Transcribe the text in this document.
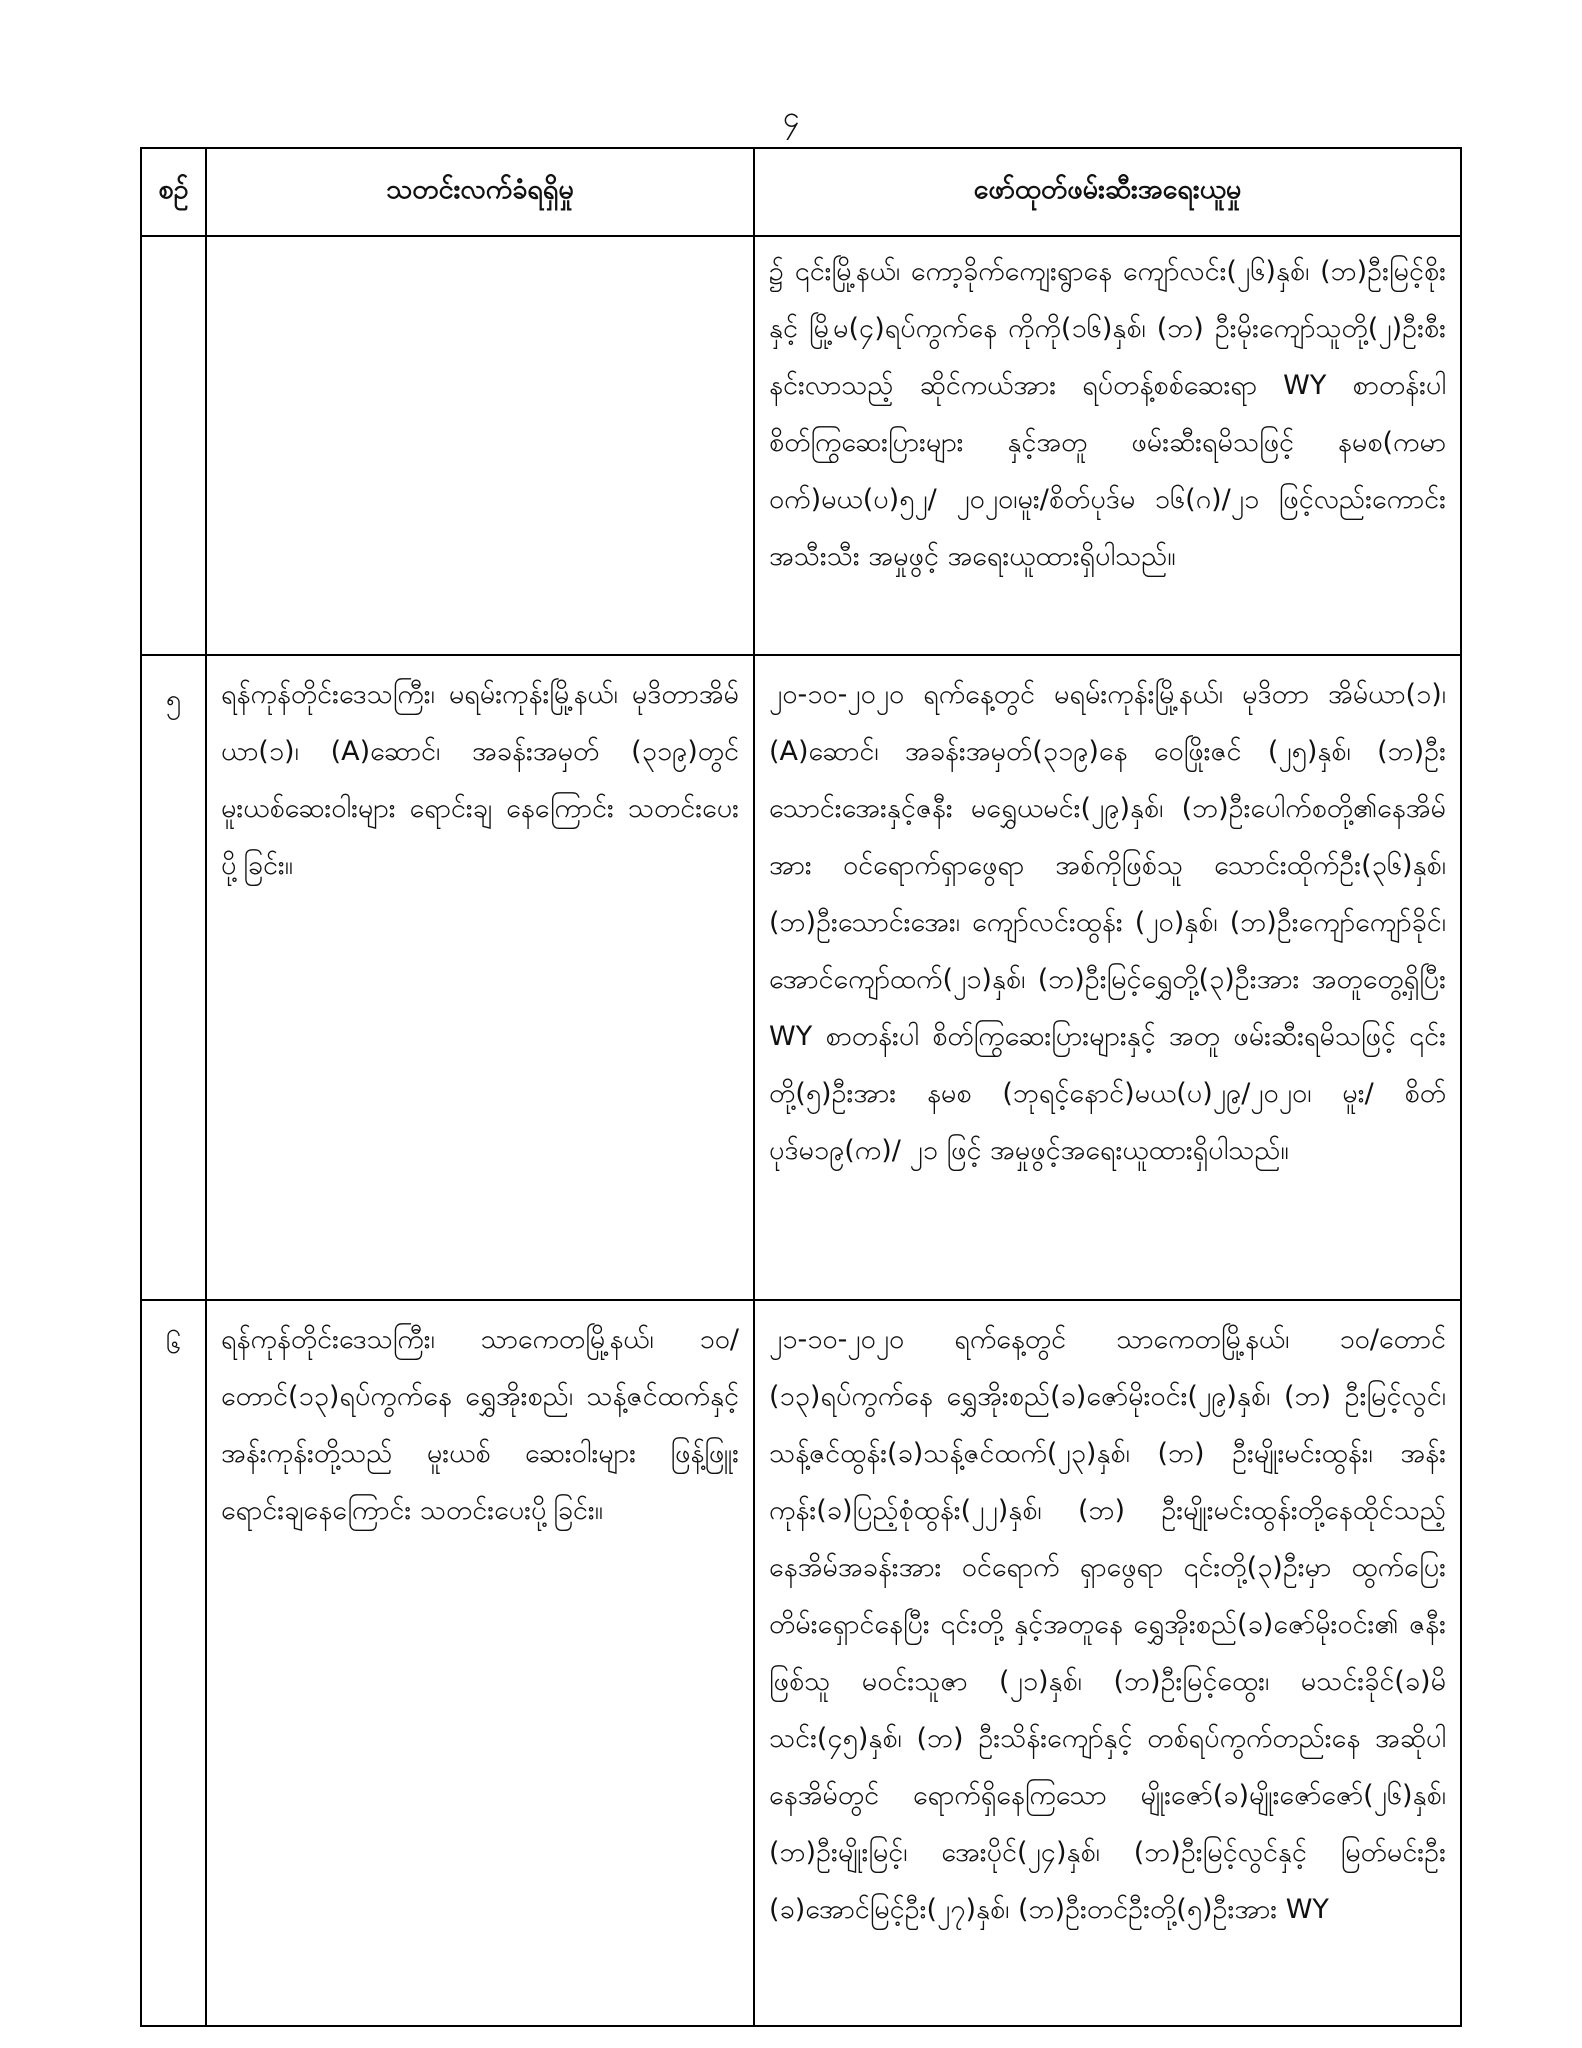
၄
စဉ်	သတင်းလက်ခံရရှိမှု	ဖော်ထုတ်ဖမ်းဆီးအရေးယူမှု
		၌ ၎င်းမြို့နယ်၊ ကော့ခိုက်ကျေးရွာနေ ကျော်လင်း(၂၆)နှစ်၊ (ဘ)ဦးမြင့်စိုးနှင့် မြို့မ(၄)ရပ်ကွက်နေ ကိုကို(၁၆)နှစ်၊ (ဘ) ဦးမိုးကျော်သူတို့(၂)ဦးစီးနင်းလာသည့် ဆိုင်ကယ်အား ရပ်တန့်စစ်ဆေးရာ WY စာတန်းပါ စိတ်ကြွဆေးပြားများ နှင့်အတူ ဖမ်းဆီးရမိသဖြင့် နမစ(ကမာဝက်)မယ(ပ)၅၂/ ၂၀၂၀၊မူး/စိတ်ပုဒ်မ ၁၆(ဂ)/၂၁ ဖြင့်လည်းကောင်း အသီးသီး အမှုဖွင့် အရေးယူထားရှိပါသည်။
၅	ရန်ကုန်တိုင်းဒေသကြီး၊ မရမ်းကုန်းမြို့နယ်၊ မုဒိတာအိမ်ယာ(၁)၊ (A)ဆောင်၊ အခန်းအမှတ် (၃၁၉)တွင် မူးယစ်ဆေးဝါးများ ရောင်းချ နေကြောင်း သတင်းပေးပို့ခြင်း။	၂၀-၁၀-၂၀၂၀ ရက်နေ့တွင် မရမ်းကုန်းမြို့နယ်၊ မုဒိတာ အိမ်ယာ(၁)၊ (A)ဆောင်၊ အခန်းအမှတ်(၃၁၉)နေ ဝေဖြိုးဇင် (၂၅)နှစ်၊ (ဘ)ဦးသောင်းအေးနှင့်ဇနီး မရွှေယမင်း(၂၉)နှစ်၊ (ဘ)ဦးပေါက်စတို့၏နေအိမ်အား ဝင်ရောက်ရှာဖွေရာ အစ်ကိုဖြစ်သူ သောင်းထိုက်ဦး(၃၆)နှစ်၊ (ဘ)ဦးသောင်းအေး၊ ကျော်လင်းထွန်း (၂၀)နှစ်၊ (ဘ)ဦးကျော်ကျော်ခိုင်၊ အောင်ကျော်ထက်(၂၁)နှစ်၊ (ဘ)ဦးမြင့်ရွှေတို့(၃)ဦးအား အတူတွေ့ရှိပြီး WY စာတန်းပါ စိတ်ကြွဆေးပြားများနှင့် အတူ ဖမ်းဆီးရမိသဖြင့် ၎င်းတို့(၅)ဦးအား နမစ (ဘုရင့်နောင်)မယ(ပ)၂၉/၂၀၂၀၊ မူး/ စိတ်ပုဒ်မ၁၉(က)/ ၂၁ ဖြင့် အမှုဖွင့်အရေးယူထားရှိပါသည်။
၆	ရန်ကုန်တိုင်းဒေသကြီး၊ သာကေတမြို့နယ်၊ ၁၀/တောင်(၁၃)ရပ်ကွက်နေ ရွှေအိုးစည်၊ သန့်ဇင်ထက်နှင့် အန်းကုန်းတို့သည် မူးယစ် ဆေးဝါးများ ဖြန့်ဖြူးရောင်းချနေကြောင်း သတင်းပေးပို့ခြင်း။	၂၁-၁၀-၂၀၂၀ ရက်နေ့တွင် သာကေတမြို့နယ်၊ ၁၀/တောင် (၁၃)ရပ်ကွက်နေ ရွှေအိုးစည်(ခ)ဇော်မိုးဝင်း(၂၉)နှစ်၊ (ဘ) ဦးမြင့်လွင်၊ သန့်ဇင်ထွန်း(ခ)သန့်ဇင်ထက်(၂၃)နှစ်၊ (ဘ) ဦးမျိုးမင်းထွန်း၊ အန်းကုန်း(ခ)ပြည့်စုံထွန်း(၂၂)နှစ်၊ (ဘ) ဦးမျိုးမင်းထွန်းတို့နေထိုင်သည့် နေအိမ်အခန်းအား ဝင်ရောက် ရှာဖွေရာ ၎င်းတို့(၃)ဦးမှာ ထွက်ပြေးတိမ်းရှောင်နေပြီး ၎င်းတို့ နှင့်အတူနေ ရွှေအိုးစည်(ခ)ဇော်မိုးဝင်း၏ ဇနီးဖြစ်သူ မဝင်းသူဇာ (၂၁)နှစ်၊ (ဘ)ဦးမြင့်ထွေး၊ မသင်းခိုင်(ခ)မိသင်း(၄၅)နှစ်၊ (ဘ) ဦးသိန်းကျော်နှင့် တစ်ရပ်ကွက်တည်းနေ အဆိုပါနေအိမ်တွင် ရောက်ရှိနေကြသော မျိုးဇော်(ခ)မျိုးဇော်ဇော်(၂၆)နှစ်၊ (ဘ)ဦးမျိုးမြင့်၊ အေးပိုင်(၂၄)နှစ်၊ (ဘ)ဦးမြင့်လွင်နှင့် မြတ်မင်းဦး (ခ)အောင်မြင့်ဦး(၂၇)နှစ်၊ (ဘ)ဦးတင်ဦးတို့(၅)ဦးအား WY
